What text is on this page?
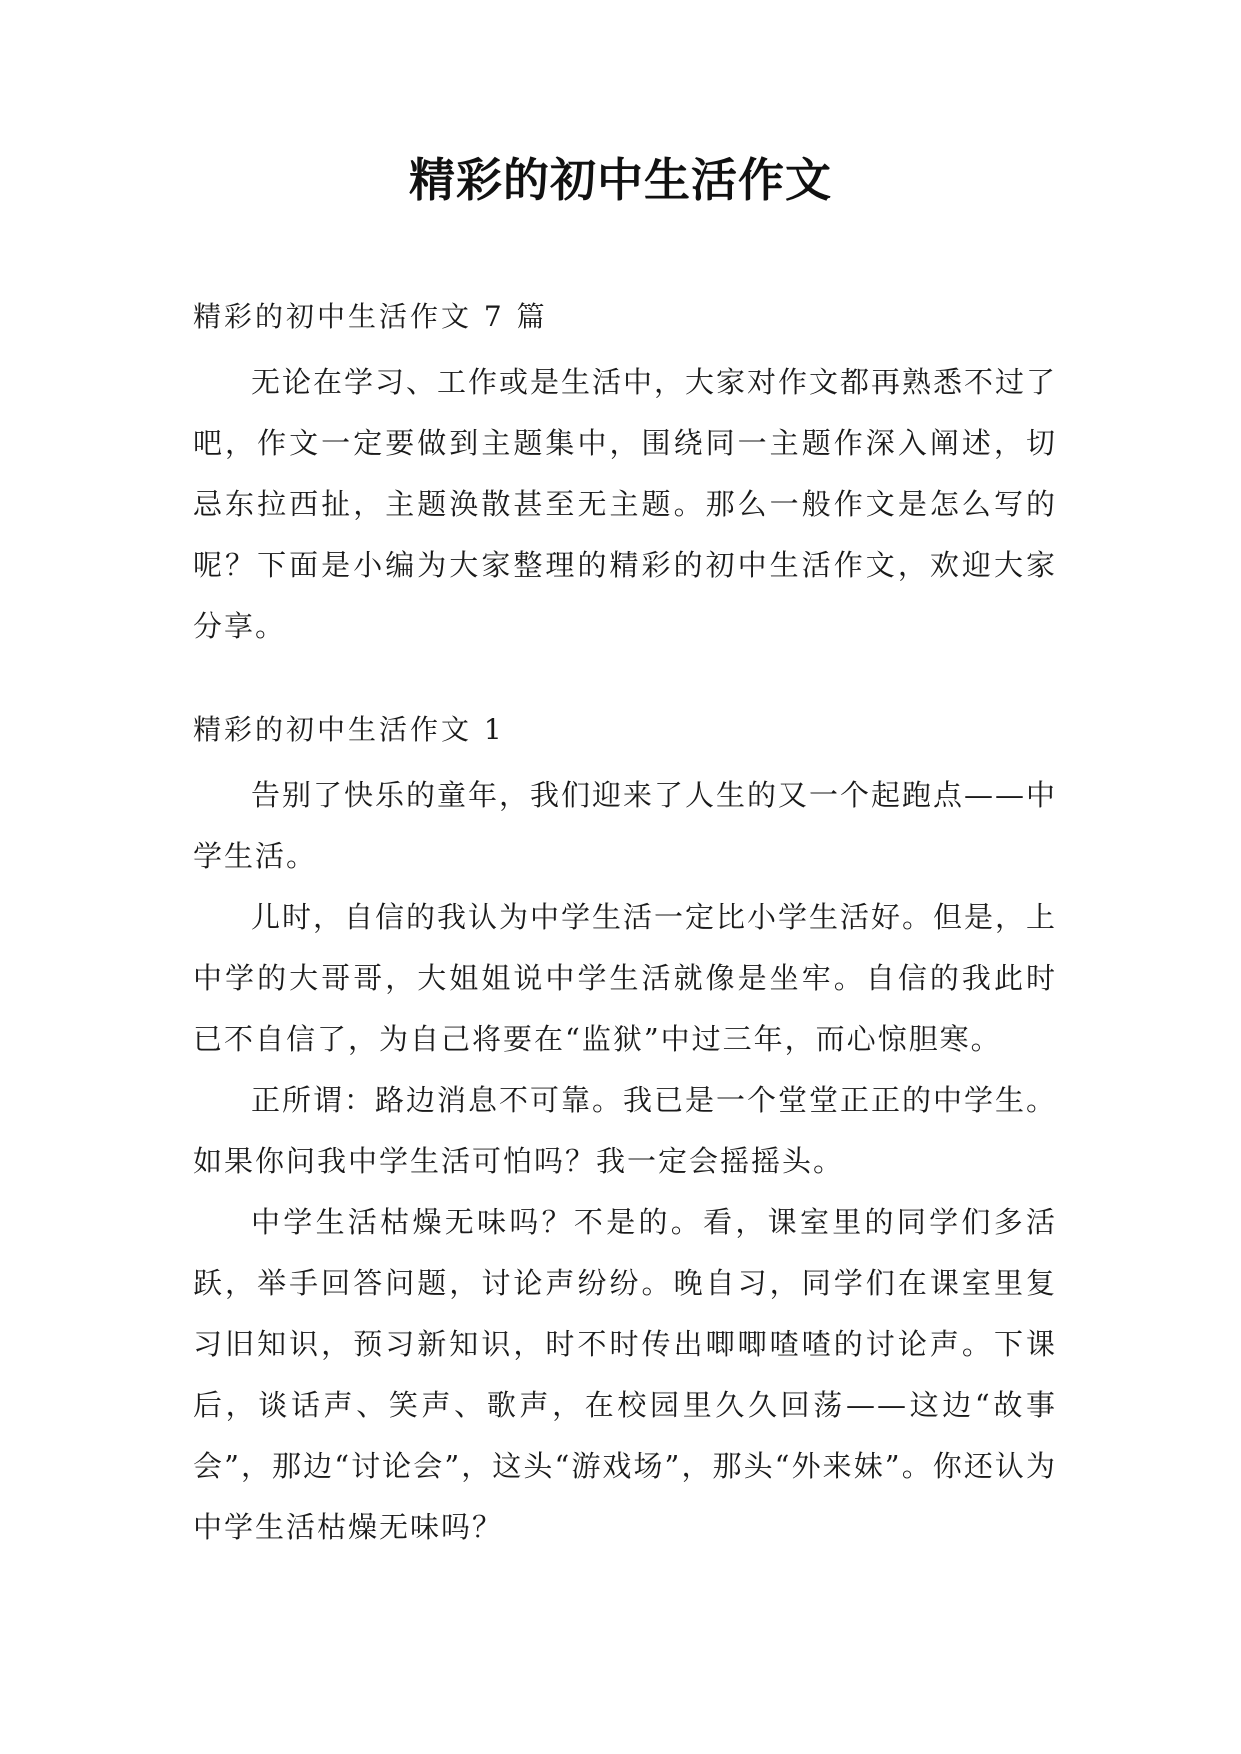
精彩的初中生活作文

精彩的初中生活作文 7 篇

无论在学习、工作或是生活中，大家对作文都再熟悉不过了吧，作文一定要做到主题集中，围绕同一主题作深入阐述，切忌东拉西扯，主题涣散甚至无主题。那么一般作文是怎么写的呢？下面是小编为大家整理的精彩的初中生活作文，欢迎大家分享。

精彩的初中生活作文 1

告别了快乐的童年，我们迎来了人生的又一个起跑点——中学生活。

儿时，自信的我认为中学生活一定比小学生活好。但是，上中学的大哥哥，大姐姐说中学生活就像是坐牢。自信的我此时已不自信了，为自己将要在“监狱”中过三年，而心惊胆寒。

正所谓：路边消息不可靠。我已是一个堂堂正正的中学生。如果你问我中学生活可怕吗？我一定会摇摇头。

中学生活枯燥无味吗？不是的。看，课室里的同学们多活跃，举手回答问题，讨论声纷纷。晚自习，同学们在课室里复习旧知识，预习新知识，时不时传出唧唧喳喳的讨论声。下课后，谈话声、笑声、歌声，在校园里久久回荡——这边“故事会”，那边“讨论会”，这头“游戏场”，那头“外来妹”。你还认为中学生活枯燥无味吗？
